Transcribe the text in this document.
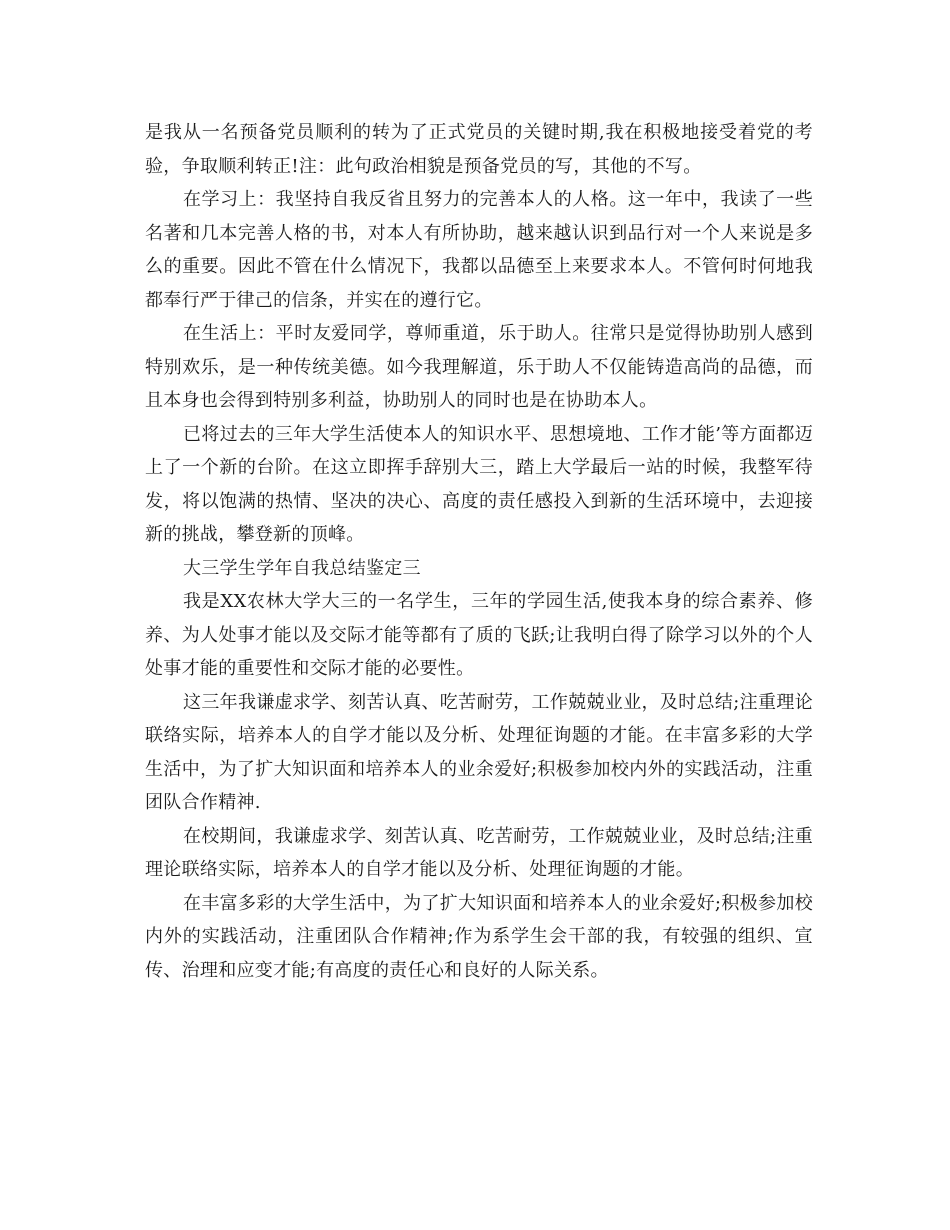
是我从一名预备党员顺利的转为了正式党员的关键时期,我在积极地接受着党的考验，争取顺利转正!注：此句政治相貌是预备党员的写，其他的不写。

在学习上：我坚持自我反省且努力的完善本人的人格。这一年中，我读了一些名著和几本完善人格的书，对本人有所协助，越来越认识到品行对一个人来说是多么的重要。因此不管在什么情况下，我都以品德至上来要求本人。不管何时何地我都奉行严于律己的信条，并实在的遵行它。

在生活上：平时友爱同学，尊师重道，乐于助人。往常只是觉得协助别人感到特别欢乐，是一种传统美德。如今我理解道，乐于助人不仅能铸造高尚的品德，而且本身也会得到特别多利益，协助别人的同时也是在协助本人。

已将过去的三年大学生活使本人的知识水平、思想境地、工作才能’等方面都迈上了一个新的台阶。在这立即挥手辞别大三，踏上大学最后一站的时候，我整军待发，将以饱满的热情、坚决的决心、高度的责任感投入到新的生活环境中，去迎接新的挑战，攀登新的顶峰。

大三学生学年自我总结鉴定三

我是XX农林大学大三的一名学生，三年的学园生活,使我本身的综合素养、修养、为人处事才能以及交际才能等都有了质的飞跃;让我明白得了除学习以外的个人处事才能的重要性和交际才能的必要性。

这三年我谦虚求学、刻苦认真、吃苦耐劳，工作兢兢业业，及时总结;注重理论联络实际，培养本人的自学才能以及分析、处理征询题的才能。在丰富多彩的大学生活中，为了扩大知识面和培养本人的业余爱好;积极参加校内外的实践活动，注重团队合作精神.

在校期间，我谦虚求学、刻苦认真、吃苦耐劳，工作兢兢业业，及时总结;注重理论联络实际，培养本人的自学才能以及分析、处理征询题的才能。

在丰富多彩的大学生活中，为了扩大知识面和培养本人的业余爱好;积极参加校内外的实践活动，注重团队合作精神;作为系学生会干部的我，有较强的组织、宣传、治理和应变才能;有高度的责任心和良好的人际关系。
